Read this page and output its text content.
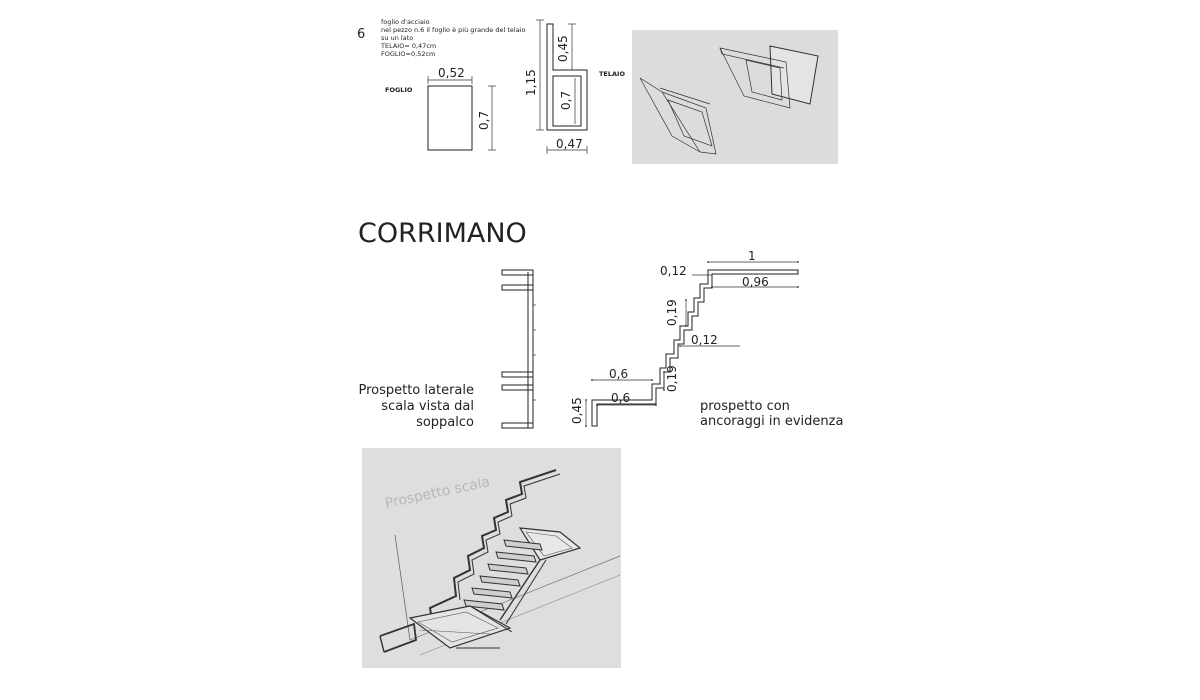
6
foglio d'acciaio
nel pezzo n.6 il foglio è più grande del telaio
su un lato
TELAIO= 0,47cm
FOGLIO=0,52cm
FOGLIO
0,52
0,7
1,15
0,45
0,7
0,47
TELAIO
CORRIMANO
Prospetto laterale
scala vista dal
soppalco
1
0,12
0,96
0,19
0,12
0,6	0,19
0,45 0,6
prospetto con
ancoraggi in evidenza
Prospetto scala
